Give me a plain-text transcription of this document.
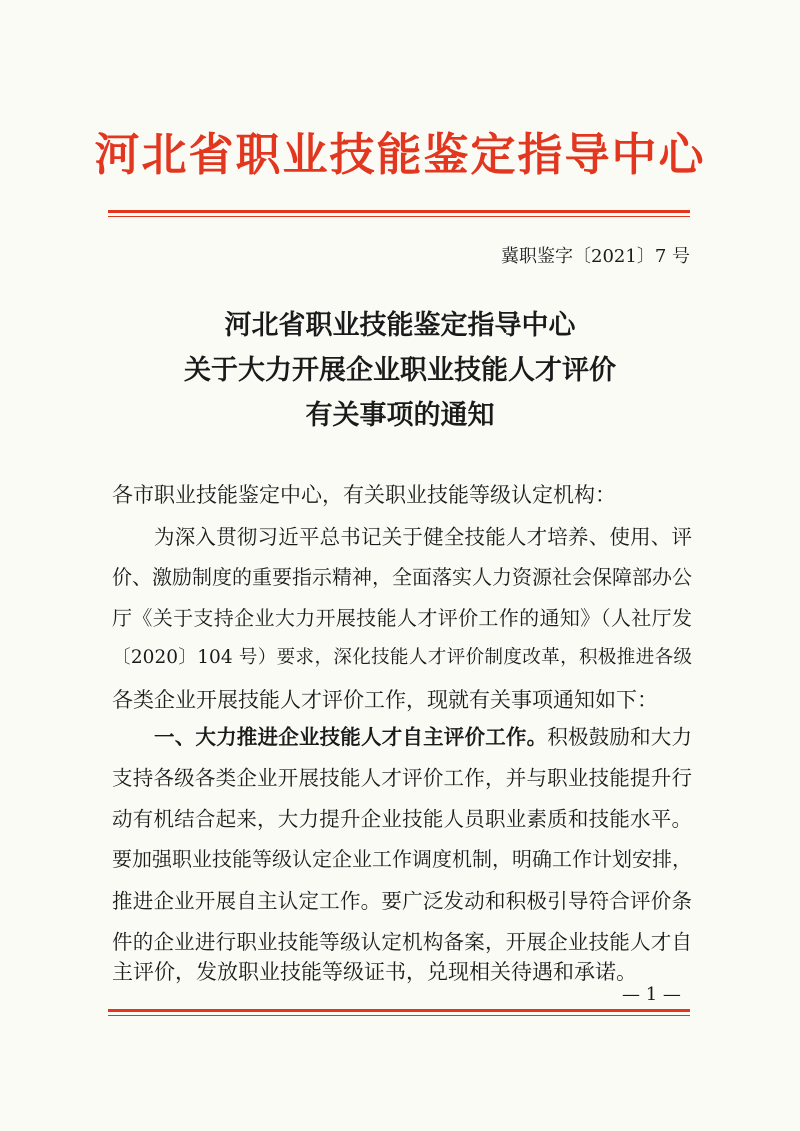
河北省职业技能鉴定指导中心
冀职鉴字〔2021〕7 号
河北省职业技能鉴定指导中心
关于大力开展企业职业技能人才评价
有关事项的通知
各市职业技能鉴定中心，有关职业技能等级认定机构：
为深入贯彻习近平总书记关于健全技能人才培养、使用、评
价、激励制度的重要指示精神，全面落实人力资源社会保障部办公
厅《关于支持企业大力开展技能人才评价工作的通知》（人社厅发
〔2020〕104 号）要求，深化技能人才评价制度改革，积极推进各级
各类企业开展技能人才评价工作，现就有关事项通知如下：
一、大力推进企业技能人才自主评价工作。积极鼓励和大力
支持各级各类企业开展技能人才评价工作，并与职业技能提升行
动有机结合起来，大力提升企业技能人员职业素质和技能水平。
要加强职业技能等级认定企业工作调度机制，明确工作计划安排，
推进企业开展自主认定工作。要广泛发动和积极引导符合评价条
件的企业进行职业技能等级认定机构备案，开展企业技能人才自
主评价，发放职业技能等级证书，兑现相关待遇和承诺。
— 1 —
